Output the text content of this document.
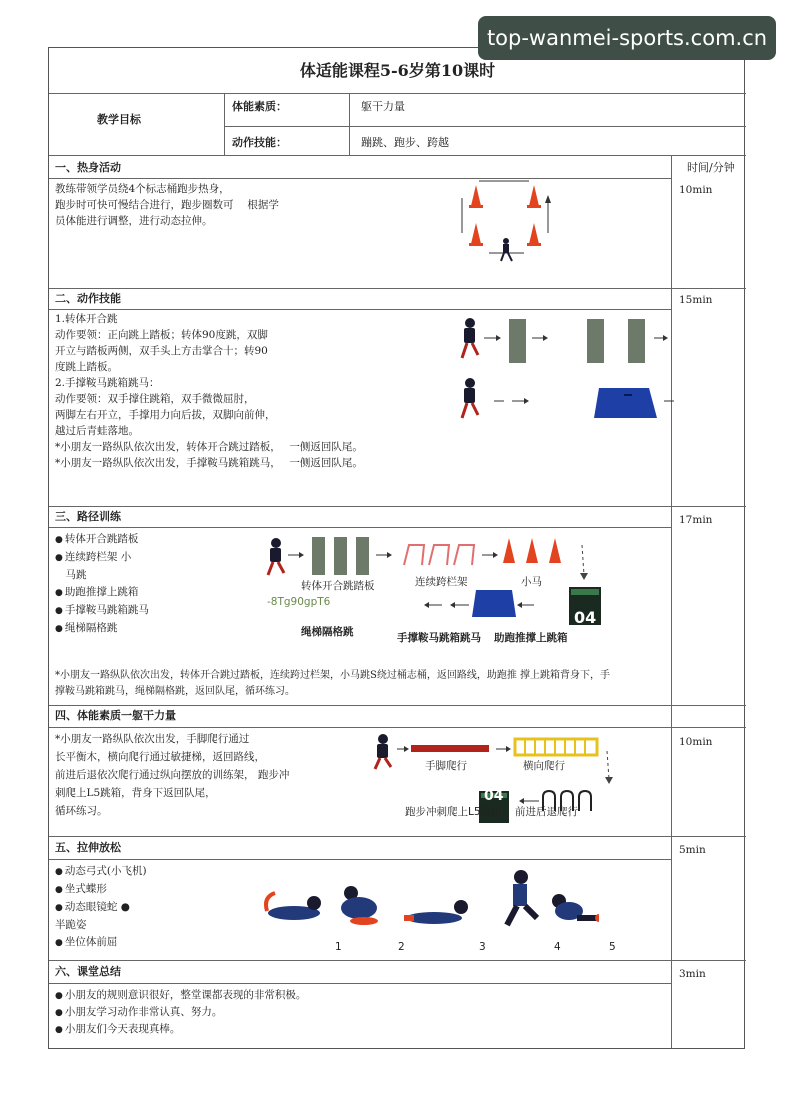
top-wanmei-sports.com.cn
体适能课程5-6岁第10课时
教学目标
体能素质：	躯干力量
动作技能：	蹦跳、跑步、跨越
时间/分钟
一、热身活动
10min
教练带领学员绕4个标志桶跑步热身，
跑步时可快可慢结合进行，跑步圈数可　 根据学
员体能进行调整，进行动态拉伸。
二、动作技能	15min
1.转体开合跳
动作要领：正向跳上踏板；转体90度跳，双脚
开立与踏板两侧，双手头上方击掌合十；转90
度跳上踏板。
2.手撑鞍马跳箱跳马：
动作要领：双手撑住跳箱，双手微微屈肘，
两脚左右开立，手撑用力向后拔，双脚向前伸，
越过后青蛙落地。
*小朋友一路纵队依次出发，转体开合跳过踏板，　 一侧返回队尾。
*小朋友一路纵队依次出发，手撑鞍马跳箱跳马，　 一侧返回队尾。
三、路径训练	17min
● 转体开合跳踏板
● 连续跨栏架 小
　马跳
● 助跑推撑上跳箱
● 手撑鞍马跳箱跳马
● 绳梯隔格跳
04
转体开合跳踏板	连续跨栏架	小马
-8Tg90gpT6
绳梯隔格跳	手撑鞍马跳箱跳马 助跑推撑上跳箱
*小朋友一路纵队依次出发，转体开合跳过踏板，连续跨过栏架，小马跳S绕过桶志桶，返回路线，助跑推 撑上跳箱背身下，手
撑鞍马跳箱跳马，绳梯隔格跳，返回队尾，循环练习。
四、体能素质一躯干力量
10min
*小朋友一路纵队依次出发，手脚爬行通过
长平衡木，横向爬行通过敏捷梯，返回路线，
前进后退依次爬行通过纵向摆放的训练架， 跑步冲
刺爬上L5跳箱，背身下返回队尾，
循环练习。
04
手脚爬行	横向爬行
跑步冲刺爬上L5跳箱 前进后退爬行
五、拉伸放松	5min
● 动态弓式(小飞机)
● 坐式蝶形
● 动态眼镜蛇 ●
半跪姿
● 坐位体前屈	1	2	3	4	5
六、课堂总结	3min
● 小朋友的规则意识很好，整堂课都表现的非常积极。
● 小朋友学习动作非常认真、努力。
● 小朋友们今天表现真棒。
